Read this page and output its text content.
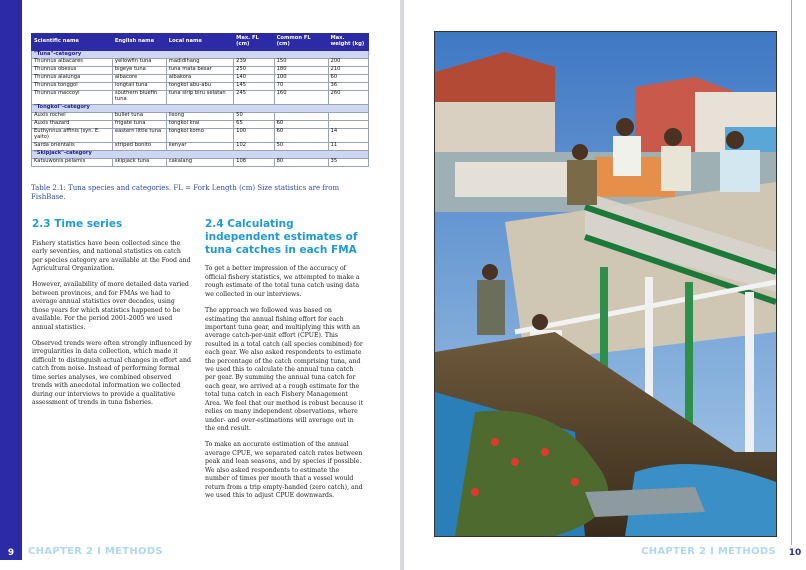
Scientific name	English name	Local name	Max. FL (cm)	Common FL (cm)	Max. weight (kg)
"Tuna"-category					
Thunnus albacares	yellowfin tuna	madidihang	239	150	200
Thunnus obesus	bigeye tuna	tuna mata besar	250	180	210
Thunnus alalunga	albacore	albakora	140	100	60
Thunnus tonggol	longtail tuna	tongkol abu-abu	145	70	36
Thunnus maccoyi	southern bluefin tuna	tuna sirip biru selatan	245	160	260
"Tongkol"-category					
Auxis rochei	bullet tuna	lisong	50		
Auxis thazard	frigate tuna	tongkol krai	65	60	
Euthynnus affinis (syn. E. yaito)	eastern little tuna	tongkol komo	100	60	14
Sarda orientalis	striped bonito	kenyar	102	50	11
"Skipjack"-category					
Katsuwonis pelamis	skipjack tuna	cakalang	108	80	35
Table 2.1: Tuna species and categories. FL = Fork Length (cm) Size statistics are from FishBase.
2.3 Time series

Fishery statistics have been collected since the early seventies, and national statistics on catch per species category are available at the Food and Agricultural Organization.

However, availability of more detailed data varied between provinces, and for FMAs we had to average annual statistics over decades, using those years for which statistics happened to be available. For the period 2001-2005 we used annual statistics.

Observed trends were often strongly influenced by irregularities in data collection, which made it difficult to distinguish actual changes in effort and catch from noise. Instead of performing formal time series analyses, we combined observed trends with anecdotal information we collected during our interviews to provide a qualitative assessment of trends in tuna fisheries.

2.4 Calculating independent estimates of tuna catches in each FMA

To get a better impression of the accuracy of official fishery statistics, we attempted to make a rough estimate of the total tuna catch using data we collected in our interviews.

The approach we followed was based on estimating the annual fishing effort for each important tuna gear, and multiplying this with an average catch-per-unit effort (CPUE). This resulted in a total catch (all species combined) for each gear. We also asked respondents to estimate the percentage of the catch comprising tuna, and we used this to calculate the annual tuna catch per gear. By summing the annual tuna catch for each gear, we arrived at a rough estimate for the total tuna catch in each Fishery Management Area. We feel that our method is robust because it relies on many independent observations, where under- and over-estimations will average out in the end result.

To make an accurate estimation of the annual average CPUE, we separated catch rates between peak and lean seasons, and by species if possible. We also asked respondents to estimate the number of times per mouth that a vessel would return from a trip empty-handed (zero catch), and we used this to adjust CPUE downwards.

9	CHAPTER 2 I METHODS	CHAPTER 2 I METHODS	10
